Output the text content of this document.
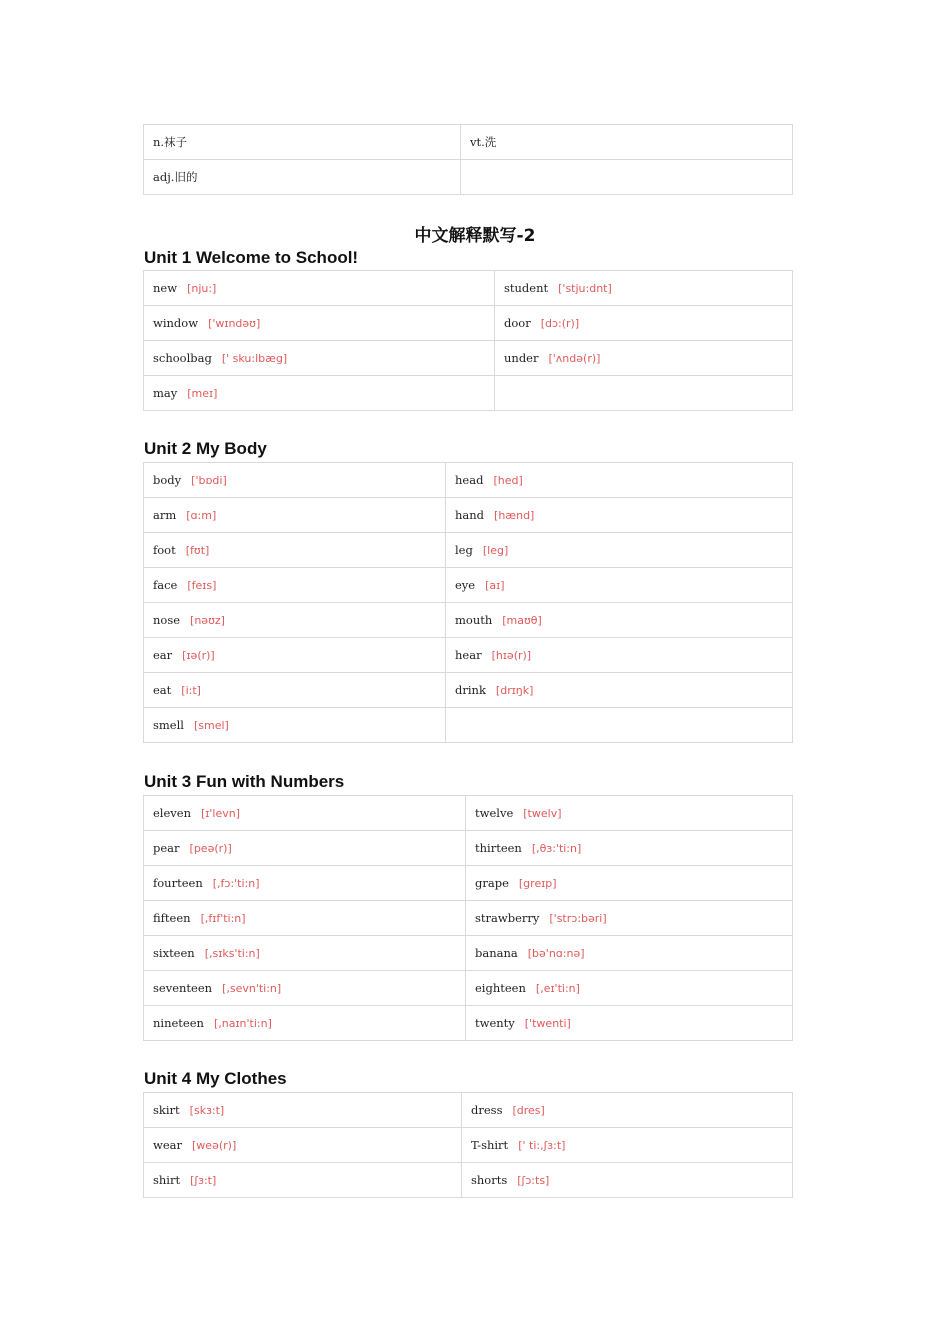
n.袜子	vt.洗
adj.旧的	
中文解释默写-2
Unit 1 Welcome to School!
new [nju:]	student ['stju:dnt]
window ['wɪndəʊ]	door [dɔ:(r)]
schoolbag [' sku:lbæg]	under ['ʌndə(r)]
may [meɪ]	
Unit 2 My Body
body ['bɒdi]	head [hed]
arm [ɑ:m]	hand [hænd]
foot [fʊt]	leg [leg]
face [feɪs]	eye [aɪ]
nose [nəʊz]	mouth [maʊθ]
ear [ɪə(r)]	hear [hɪə(r)]
eat [i:t]	drink [drɪŋk]
smell [smel]	
Unit 3 Fun with Numbers
eleven [ɪ'levn]	twelve [twelv]
pear [peə(r)]	thirteen [,θɜ:'ti:n]
fourteen [,fɔ:'ti:n]	grape [greɪp]
fifteen [,fɪf'ti:n]	strawberry ['strɔ:bəri]
sixteen [,sɪks'ti:n]	banana [bə'nɑ:nə]
seventeen [,sevn'ti:n]	eighteen [,eɪ'ti:n]
nineteen [,naɪn'ti:n]	twenty ['twenti]
Unit 4 My Clothes
skirt [skɜ:t]	dress [dres]
wear [weə(r)]	T-shirt [' ti:,ʃɜ:t]
shirt [ʃɜ:t]	shorts [ʃɔ:ts]
